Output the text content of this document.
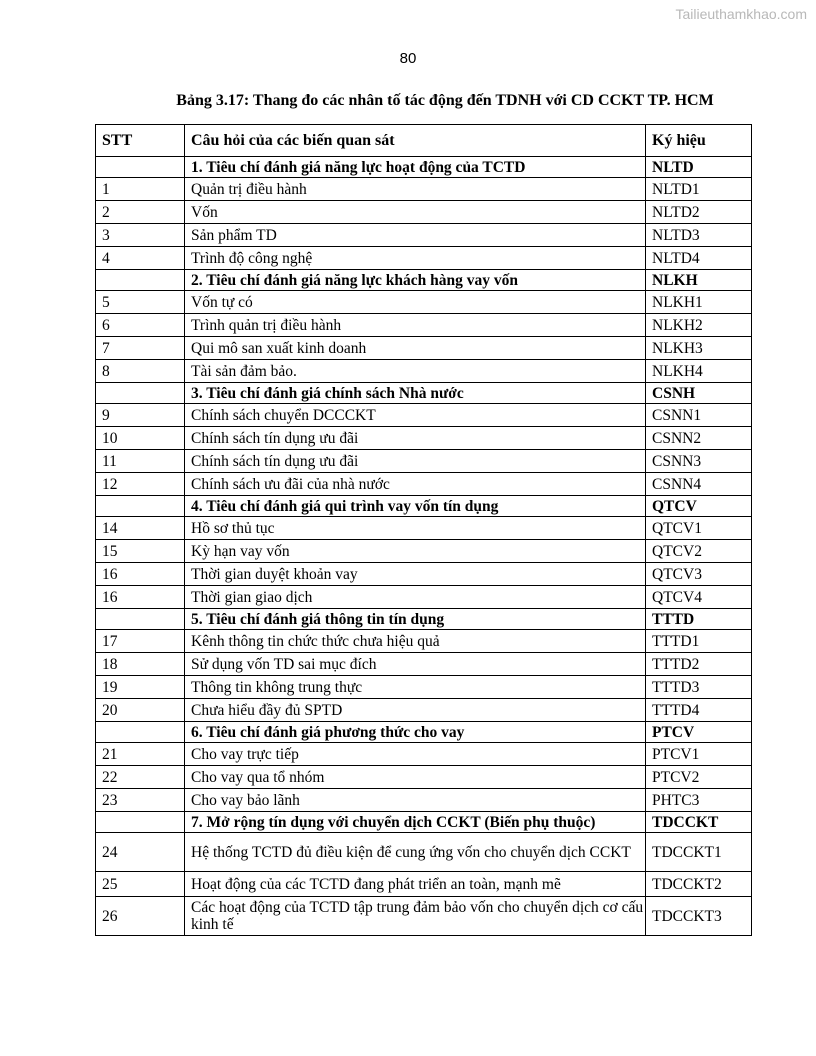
Tailieuthamkhao.com
80
Bảng 3.17: Thang đo các nhân tố tác động đến TDNH với CD CCKT TP. HCM
STT	Câu hỏi của các biến quan sát	Ký hiệu
	1. Tiêu chí đánh giá năng lực hoạt động của TCTD	NLTD
1	Quản trị điều hành	NLTD1
2	Vốn	NLTD2
3	Sản phẩm TD	NLTD3
4	Trình độ công nghệ	NLTD4
	2. Tiêu chí đánh giá năng lực khách hàng vay vốn	NLKH
5	Vốn tự có	NLKH1
6	Trình quản trị điều hành	NLKH2
7	Qui mô san xuất kinh doanh	NLKH3
8	Tài sản đảm bảo.	NLKH4
	3. Tiêu chí đánh giá chính sách Nhà nước	CSNH
9	Chính sách chuyển DCCCKT	CSNN1
10	Chính sách tín dụng ưu đãi	CSNN2
11	Chính sách tín dụng ưu đãi	CSNN3
12	Chính sách ưu đãi của nhà nước	CSNN4
	4. Tiêu chí đánh giá qui trình vay vốn tín dụng	QTCV
14	Hồ sơ thủ tục	QTCV1
15	Kỳ hạn vay vốn	QTCV2
16	Thời gian duyệt khoản vay	QTCV3
16	Thời gian giao dịch	QTCV4
	5. Tiêu chí đánh giá thông tin tín dụng	TTTD
17	Kênh thông tin chức thức chưa hiệu quả	TTTD1
18	Sử dụng vốn TD sai mục đích	TTTD2
19	Thông tin không trung thực	TTTD3
20	Chưa hiểu đầy đủ SPTD	TTTD4
	6. Tiêu chí đánh giá phương thức cho vay	PTCV
21	Cho vay trực tiếp	PTCV1
22	Cho vay qua tổ nhóm	PTCV2
23	Cho vay bảo lãnh	PHTC3
	7. Mở rộng tín dụng với chuyển dịch CCKT (Biến phụ thuộc)	TDCCKT
24	Hệ thống TCTD đủ điều kiện để cung ứng vốn cho chuyển dịch CCKT	TDCCKT1
25	Hoạt động của các TCTD đang phát triển an toàn, mạnh mẽ	TDCCKT2
26	Các hoạt động của TCTD tập trung đảm bảo vốn cho chuyển dịch cơ cấu kinh tế	TDCCKT3
